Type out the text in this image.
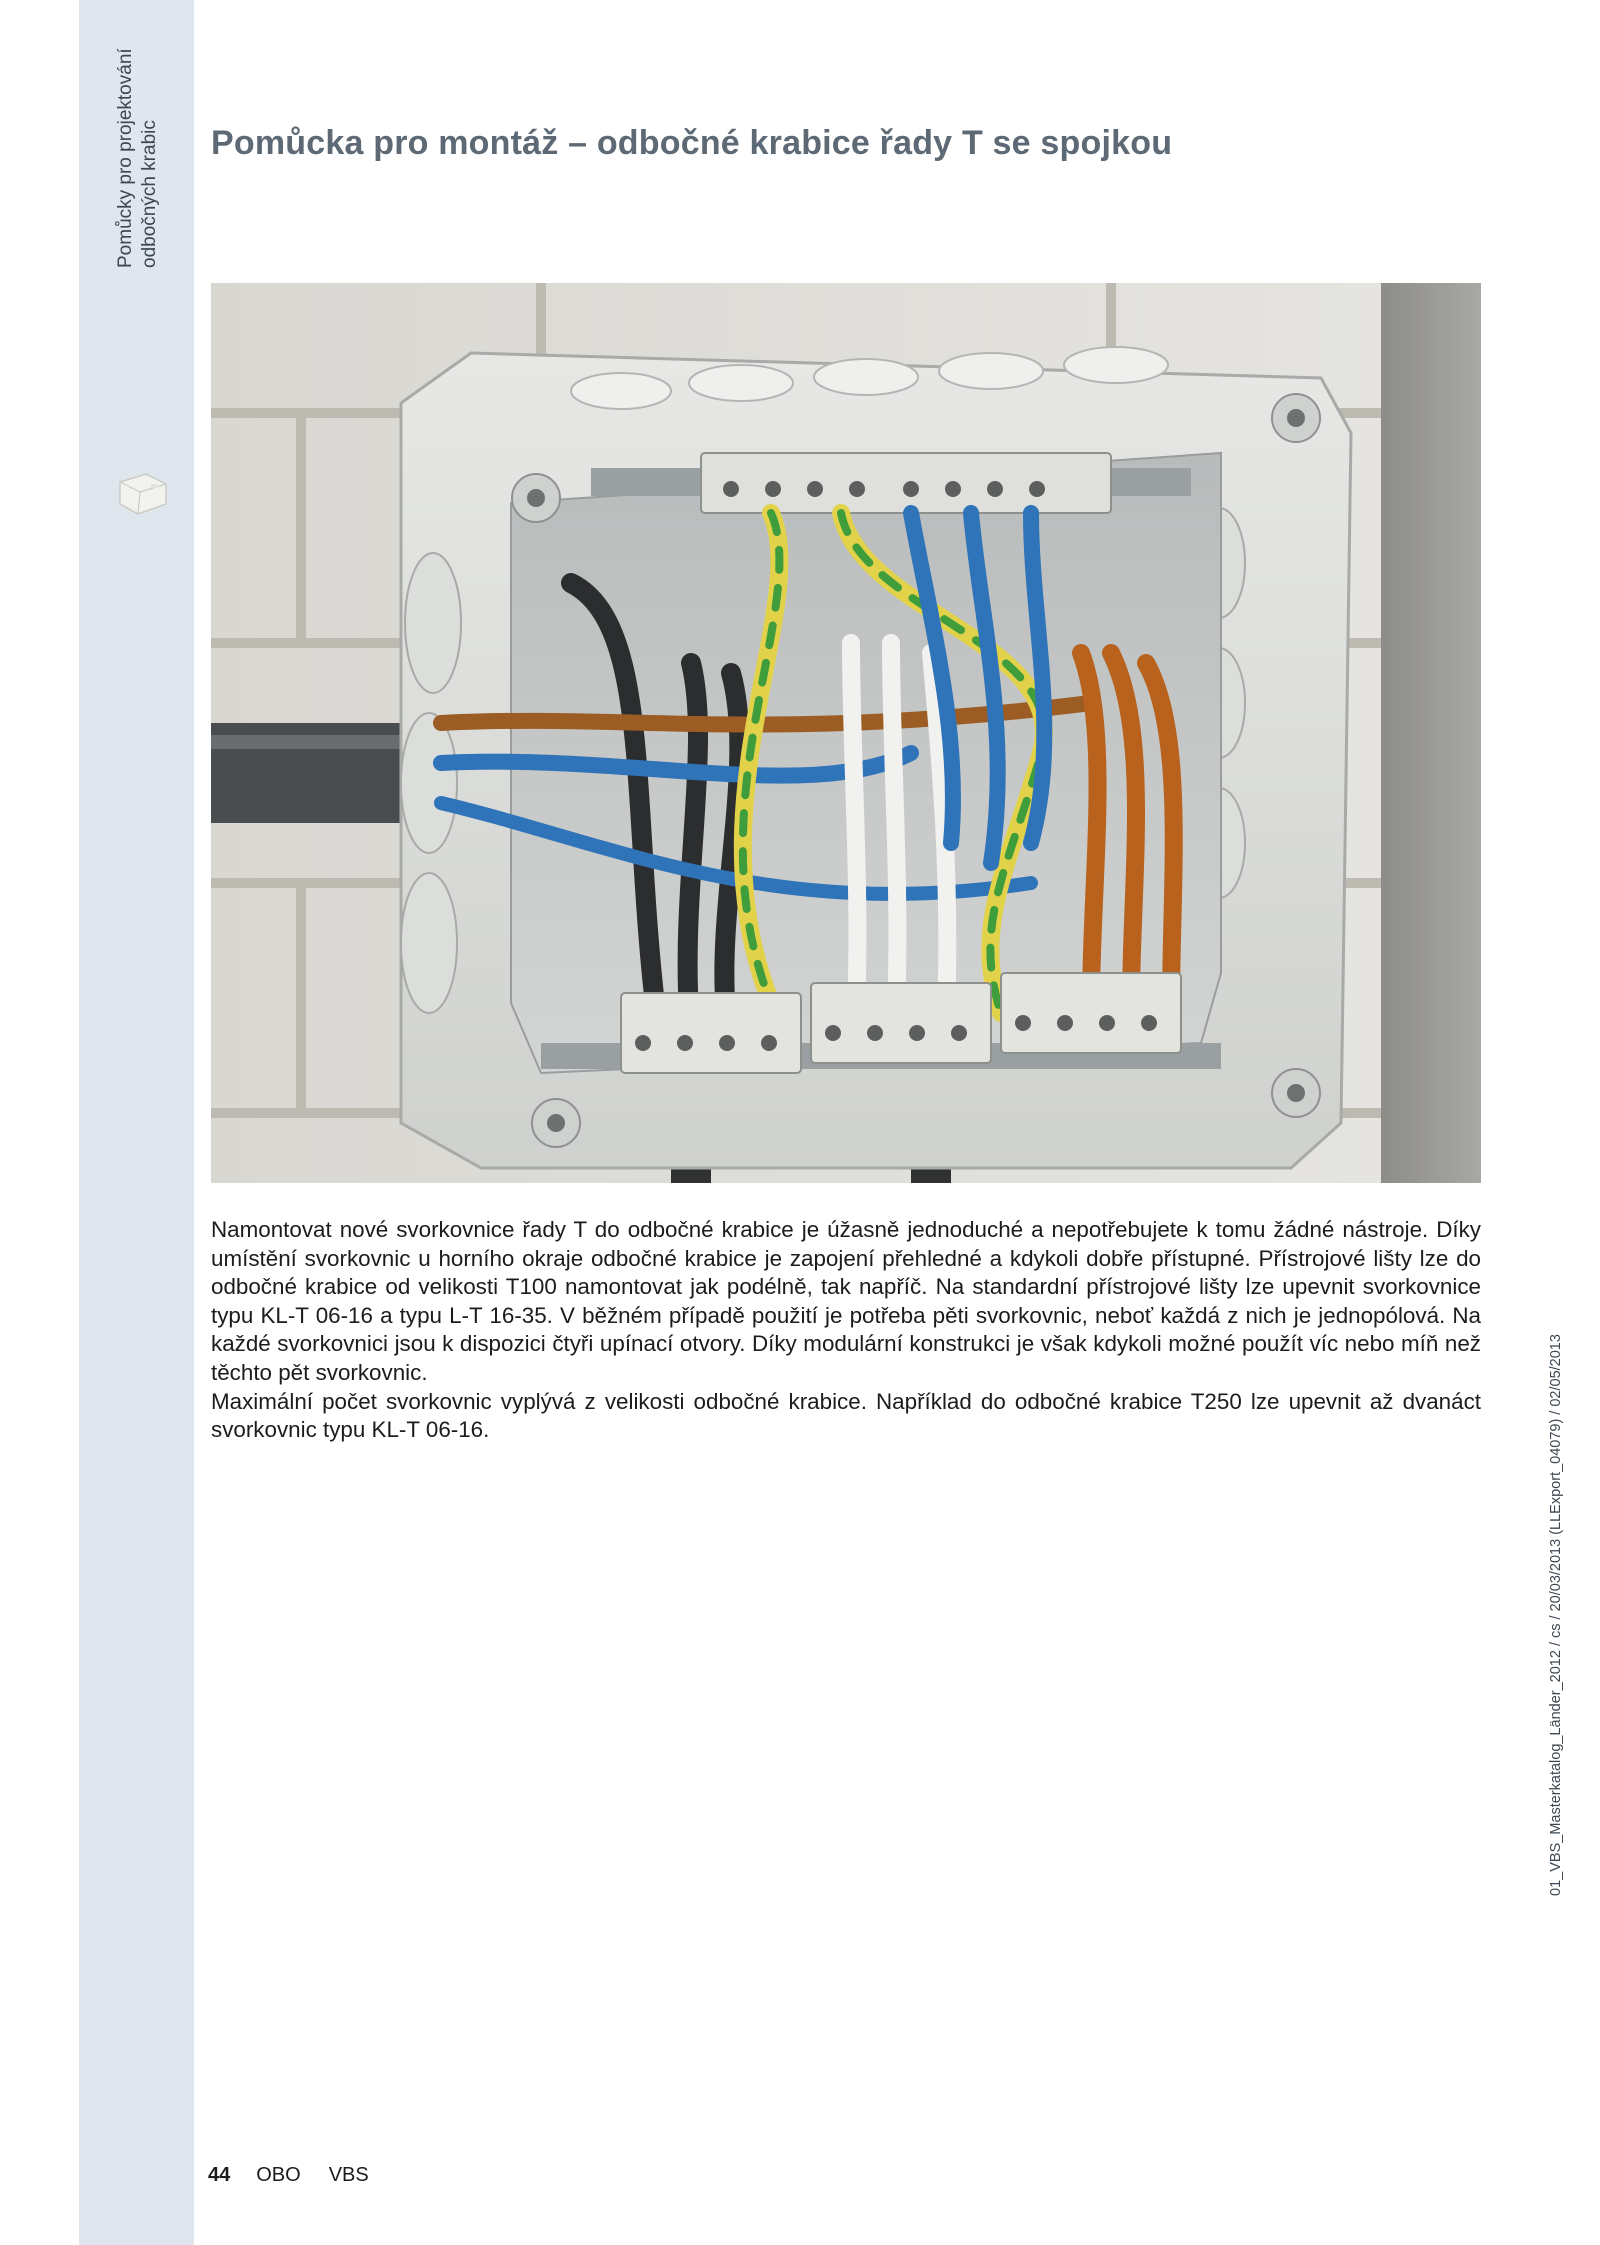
Pomůcky pro projektování odbočných krabic Pomůcka pro montáž – odbočné krabice řady T se spojkou

Namontovat nové svorkovnice řady T do odbočné krabice je úžasně jednoduché a nepotřebujete k tomu žádné nástroje. Díky umístění svorkovnic u horního okraje odbočné krabice je zapojení přehledné a kdykoli dobře přístupné. Přístrojové lišty lze do odbočné krabice od velikosti T100 namontovat jak podélně, tak napříč. Na standardní přístrojové lišty lze upevnit svorkovnice typu KL-T 06-16 a typu L-T 16-35. V běžném případě použití je potřeba pěti svorkovnic, neboť každá z nich je jednopólová. Na každé svorkovnici jsou k dispozici čtyři upínací otvory. Díky modulární konstrukci je však kdykoli možné použít víc nebo míň než těchto pět svorkovnic.

Maximální počet svorkovnic vyplývá z velikosti odbočné krabice. Například do odbočné krabice T250 lze upevnit až dvanáct svorkovnic typu KL-T 06-16.	01_VBS_Masterkatalog_Länder_2012 / cs / 20/03/2013 (LLExport_04079) / 02/05/2013
44 OBO VBS
